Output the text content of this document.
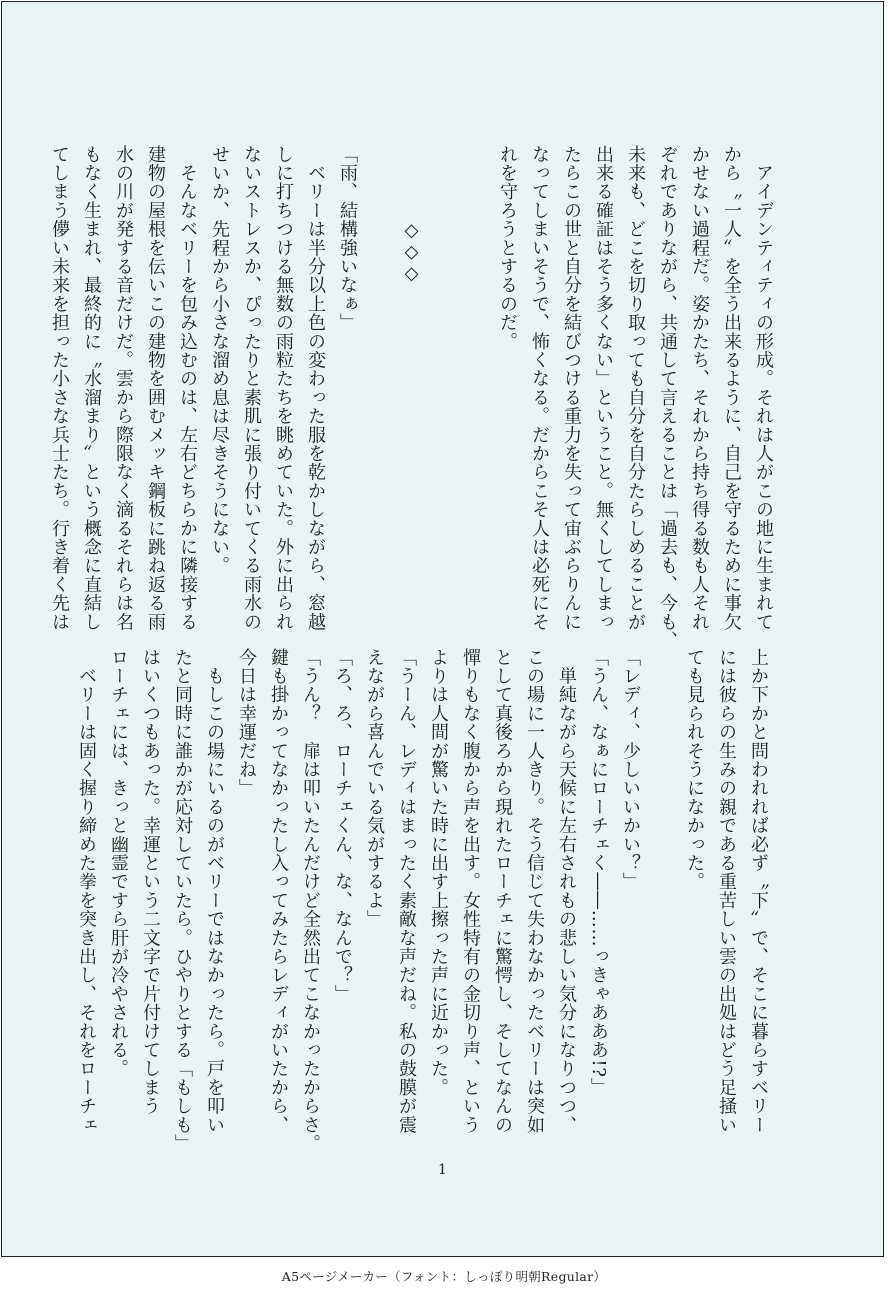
　アイデンティティの形成。それは人がこの地に生まれて
から〝一人〟を全う出来るように、自己を守るために事欠
かせない過程だ。姿かたち、それから持ち得る数も人それ
ぞれでありながら、共通して言えることは「過去も、今も、
未来も、どこを切り取っても自分を自分たらしめることが
出来る確証はそう多くない」ということ。無くしてしまっ
たらこの世と自分を結びつける重力を失って宙ぶらりんに
なってしまいそうで、怖くなる。だからこそ人は必死にそ
れを守ろうとするのだ。

　　　　◇◇◇

「雨、結構強いなぁ」
　ベリーは半分以上色の変わった服を乾かしながら、窓越
しに打ちつける無数の雨粒たちを眺めていた。外に出られ
ないストレスか、ぴったりと素肌に張り付いてくる雨水の
せいか、先程から小さな溜め息は尽きそうにない。
　そんなベリーを包み込むのは、左右どちらかに隣接する
建物の屋根を伝いこの建物を囲むメッキ鋼板に跳ね返る雨
水の川が発する音だけだ。雲から際限なく滴るそれらは名
もなく生まれ、最終的に〝水溜まり〟という概念に直結し
てしまう儚い未来を担った小さな兵士たち。行き着く先は
上か下かと問われれば必ず〝下〟で、そこに暮らすベリー
には彼らの生みの親である重苦しい雲の出処はどう足掻い
ても見られそうになかった。

「レディ、少しいいかい？」
「うん、なぁにローチェく――……っきゃあああ!?」
　単純ながら天候に左右されもの悲しい気分になりつつ、
この場に一人きり。そう信じて失わなかったベリーは突如
として真後ろから現れたローチェに驚愕し、そしてなんの
憚りもなく腹から声を出す。女性特有の金切り声、という
よりは人間が驚いた時に出す上擦った声に近かった。
「うーん、レディはまったく素敵な声だね。私の鼓膜が震
えながら喜んでいる気がするよ」
「ろ、ろ、ローチェくん、な、なんで？」
「うん？　扉は叩いたんだけど全然出てこなかったからさ。
鍵も掛かってなかったし入ってみたらレディがいたから、
今日は幸運だね」
　もしこの場にいるのがベリーではなかったら。戸を叩い
たと同時に誰かが応対していたら。ひやりとする「もしも」
はいくつもあった。幸運という二文字で片付けてしまう
ローチェには、きっと幽霊ですら肝が冷やされる。
　ベリーは固く握り締めた拳を突き出し、それをローチェ
1
A5ページメーカー（フォント：しっぽり明朝Regular）
